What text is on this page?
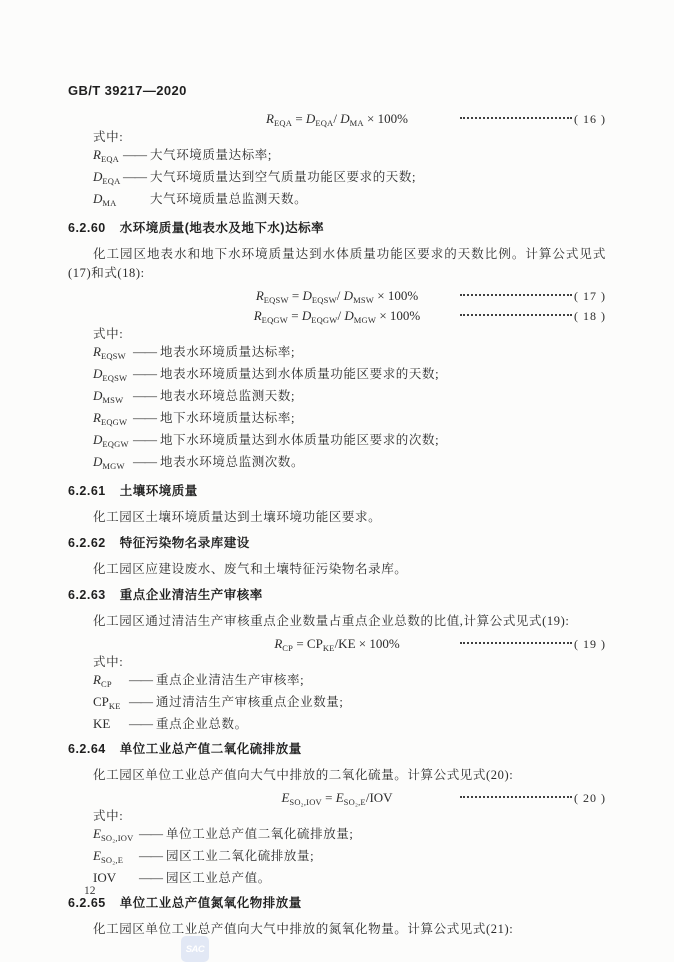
GB/T 39217—2020
$R_{EQA} = D_{EQA}/$ $D_{MA} \times 100\%$	( 16 )
式中:
$R_{EQA}$ —— 大气环境质量达标率;
$D_{EQA}$ —— 大气环境质量达到空气质量功能区要求的天数;
$D_{MA}$	大气环境质量总监测天数。
6.2.60 水环境质量(地表水及地下水)达标率

化工园区地表水和地下水环境质量达到水体质量功能区要求的天数比例。计算公式见式(17)和式(18):

$R_{EQSW} = D_{EQSW}/$ $D_{MSW} \times 100\%$	( 17 )
$R_{EQGW} = D_{EQGW}/$ $D_{MGW} \times 100\%$	( 18 )
式中:
$R_{EQSW}$ —— 地表水环境质量达标率;
$D_{EQSW}$ —— 地表水环境质量达到水体质量功能区要求的天数;
$D_{MSW}$ —— 地表水环境总监测天数;
$R_{EQGW}$ —— 地下水环境质量达标率;
$D_{EQGW}$ —— 地下水环境质量达到水体质量功能区要求的次数;
$D_{MGW}$ —— 地表水环境总监测次数。
6.2.61 土壤环境质量

化工园区土壤环境质量达到土壤环境功能区要求。

6.2.62 特征污染物名录库建设

化工园区应建设废水、废气和土壤特征污染物名录库。

6.2.63 重点企业清洁生产审核率

化工园区通过清洁生产审核重点企业数量占重点企业总数的比值,计算公式见式(19):

$R_{CP} = CP_{KE}/KE \times 100\%$	( 19 )
式中:
$R_{CP}$	—— 重点企业清洁生产审核率;
$CP_{KE}$ —— 通过清洁生产审核重点企业数量;
KE	—— 重点企业总数。
6.2.64 单位工业总产值二氧化硫排放量

化工园区单位工业总产值向大气中排放的二氧化硫量。计算公式见式(20):

$E_{SO_2,IOV} = E_{SO_2,E}/IOV$	( 20 )
式中:
$E_{SO_2,IOV}$ —— 单位工业总产值二氧化硫排放量;
$E_{SO_2,E}$	—— 园区工业二氧化硫排放量;
IOV	—— 园区工业总产值。
6.2.65 单位工业总产值氮氧化物排放量

化工园区单位工业总产值向大气中排放的氮氧化物量。计算公式见式(21):

12
SAC
